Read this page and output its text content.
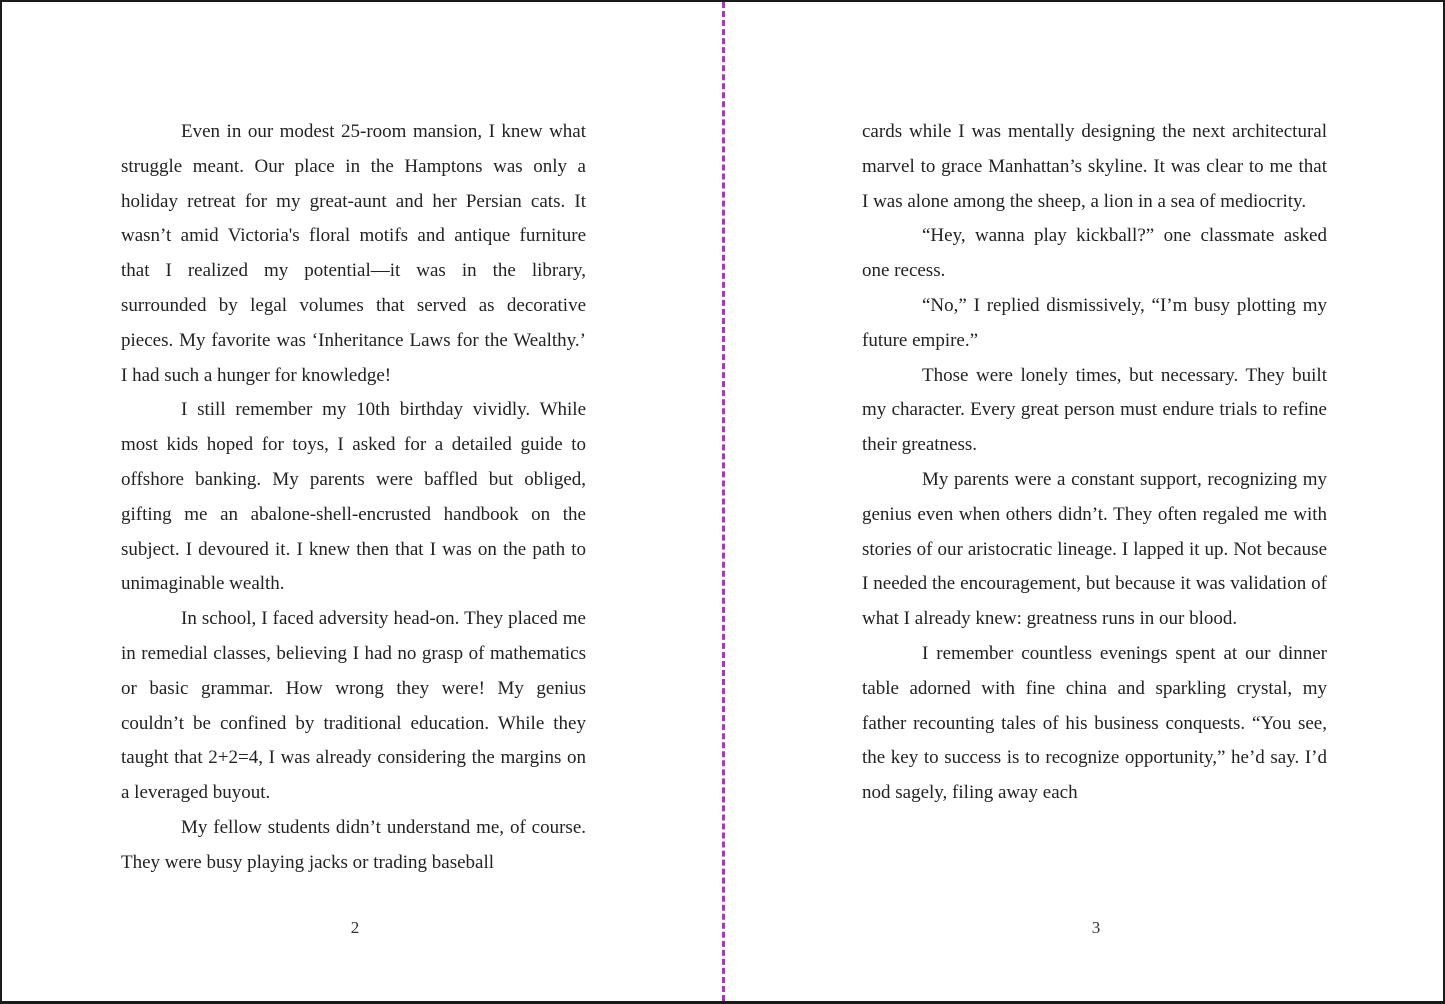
Even in our modest 25-room mansion, I knew what struggle meant. Our place in the Hamptons was only a holiday retreat for my great-aunt and her Persian cats. It wasn’t amid Victoria's floral motifs and antique furniture that I realized my potential—it was in the library, surrounded by legal volumes that served as decorative pieces. My favorite was ‘Inheritance Laws for the Wealthy.’ I had such a hunger for knowledge!

I still remember my 10th birthday vividly. While most kids hoped for toys, I asked for a detailed guide to offshore banking. My parents were baffled but obliged, gifting me an abalone-shell-encrusted handbook on the subject. I devoured it. I knew then that I was on the path to unimaginable wealth.

In school, I faced adversity head-on. They placed me in remedial classes, believing I had no grasp of mathematics or basic grammar. How wrong they were! My genius couldn’t be confined by traditional education. While they taught that 2+2=4, I was already considering the margins on a leveraged buyout.

My fellow students didn’t understand me, of course. They were busy playing jacks or trading baseball

2

cards while I was mentally designing the next architectural marvel to grace Manhattan’s skyline. It was clear to me that I was alone among the sheep, a lion in a sea of mediocrity.

“Hey, wanna play kickball?” one classmate asked one recess.

“No,” I replied dismissively, “I’m busy plotting my future empire.”

Those were lonely times, but necessary. They built my character. Every great person must endure trials to refine their greatness.

My parents were a constant support, recognizing my genius even when others didn’t. They often regaled me with stories of our aristocratic lineage. I lapped it up. Not because I needed the encouragement, but because it was validation of what I already knew: greatness runs in our blood.

I remember countless evenings spent at our dinner table adorned with fine china and sparkling crystal, my father recounting tales of his business conquests. “You see, the key to success is to recognize opportunity,” he’d say. I’d nod sagely, filing away each

3
